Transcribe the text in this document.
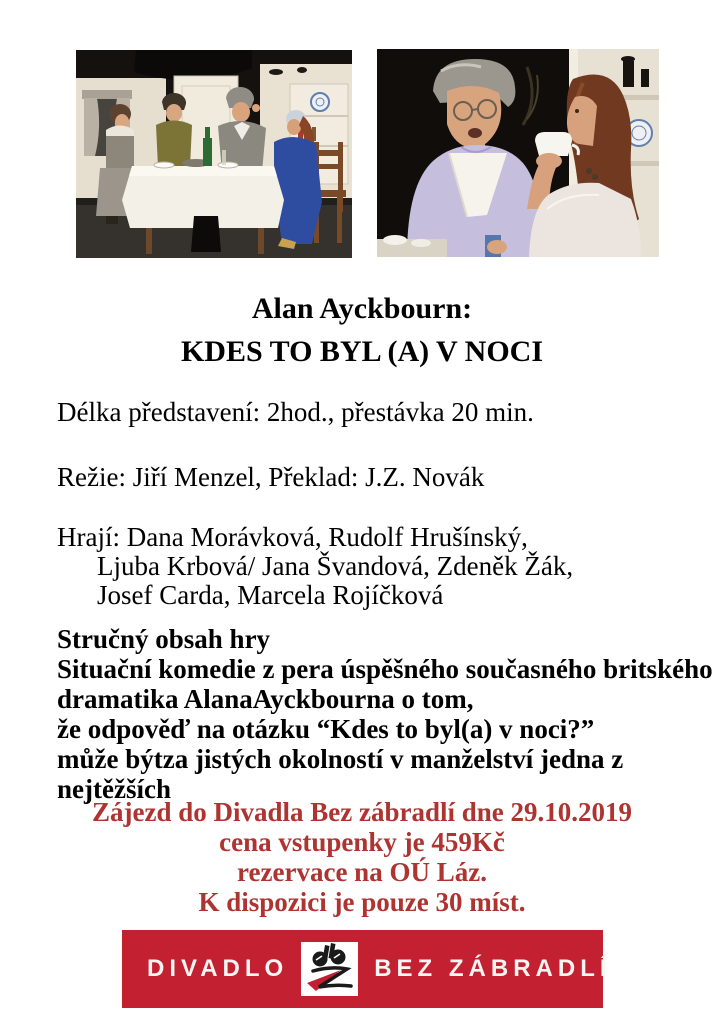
Alan Ayckbourn:
KDES TO BYL (A) V NOCI
Délka představení: 2hod., přestávka 20 min.
Režie: Jiří Menzel, Překlad: J.Z. Novák
Hrají: Dana Morávková, Rudolf Hrušínský,
Ljuba Krbová/ Jana Švandová, Zdeněk Žák,
Josef Carda, Marcela Rojíčková
Stručný obsah hry
Situační komedie z pera úspěšného současného britského
dramatika AlanaAyckbourna o tom,
že odpověď na otázku “Kdes to byl(a) v noci?”
může býtza jistých okolností v manželství jedna z nejtěžších
Zájezd do Divadla Bez zábradlí dne 29.10.2019
cena vstupenky je 459Kč
rezervace na OÚ Láz.
K dispozici je pouze 30 míst.
DIVADLO	BEZ ZÁBRADLÍ
